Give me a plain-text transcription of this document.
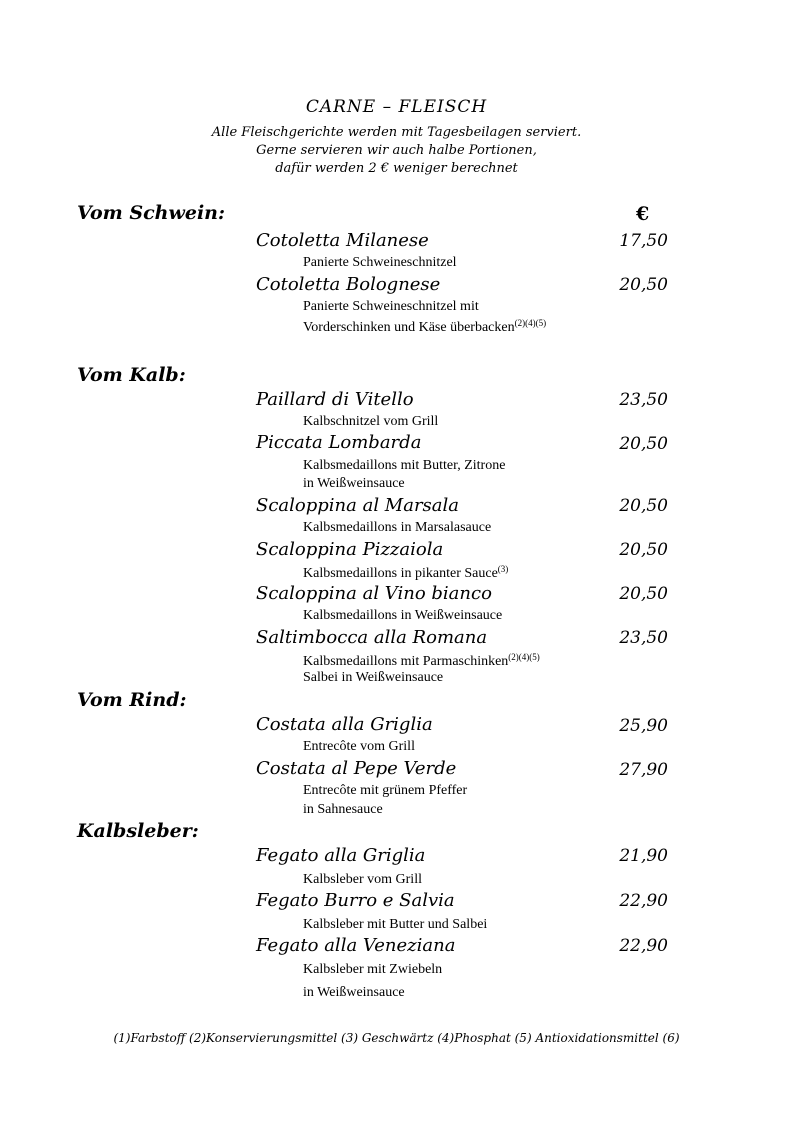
CARNE – FLEISCH
Alle Fleischgerichte werden mit Tagesbeilagen serviert.
Gerne servieren wir auch halbe Portionen,
dafür werden 2 € weniger berechnet
Vom Schwein:	€
Cotoletta Milanese	17,50
Panierte Schweineschnitzel
Cotoletta Bolognese	20,50
Panierte Schweineschnitzel mit
Vorderschinken und Käse überbacken$^{(2)(4)(5)}$
Vom Kalb:
Paillard di Vitello	23,50
Kalbschnitzel vom Grill
Piccata Lombarda	20,50
Kalbsmedaillons mit Butter, Zitrone
in Weißweinsauce
Scaloppina al Marsala	20,50
Kalbsmedaillons in Marsalasauce
Scaloppina Pizzaiola	20,50
Kalbsmedaillons in pikanter Sauce$^{(3)}$
Scaloppina al Vino bianco	20,50
Kalbsmedaillons in Weißweinsauce
Saltimbocca alla Romana	23,50
Kalbsmedaillons mit Parmaschinken$^{(2)(4)(5)}$
Salbei in Weißweinsauce
Vom Rind:
Costata alla Griglia	25,90
Entrecôte vom Grill
Costata al Pepe Verde	27,90
Entrecôte mit grünem Pfeffer
in Sahnesauce
Kalbsleber:
Fegato alla Griglia	21,90
Kalbsleber vom Grill
Fegato Burro e Salvia	22,90
Kalbsleber mit Butter und Salbei
Fegato alla Veneziana	22,90
Kalbsleber mit Zwiebeln
in Weißweinsauce
(1)Farbstoff (2)Konservierungsmittel (3) Geschwärtz (4)Phosphat (5) Antioxidationsmittel (6)
